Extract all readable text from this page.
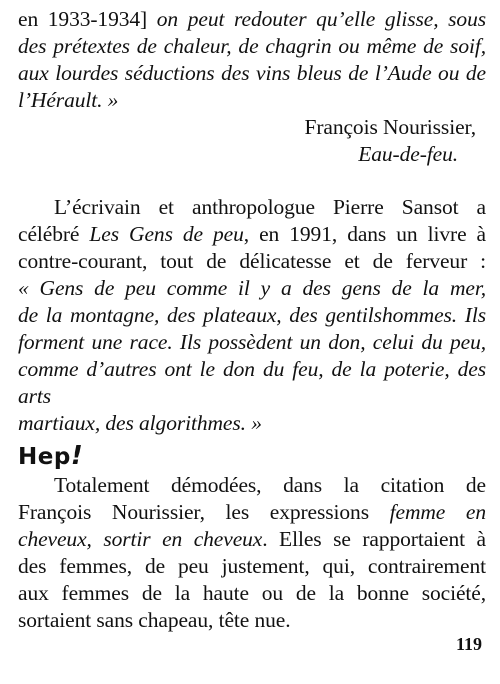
en 1933-1934] on peut redouter qu’elle glisse, sous
des prétextes de chaleur, de chagrin ou même de soif,
aux lourdes séductions des vins bleus de l’Aude ou de
l’Hérault. »
François Nourissier,
Eau-de-feu.
L’écrivain et anthropologue Pierre Sansot a
célébré Les Gens de peu, en 1991, dans un livre à
contre-courant, tout de délicatesse et de ferveur :
« Gens de peu comme il y a des gens de la mer,
de la montagne, des plateaux, des gentilshommes. Ils
forment une race. Ils possèdent un don, celui du peu,
comme d’autres ont le don du feu, de la poterie, des arts
martiaux, des algorithmes. »
Hep!
Totalement démodées, dans la citation de
François Nourissier, les expressions femme en
cheveux, sortir en cheveux. Elles se rapportaient à
des femmes, de peu justement, qui, contrairement
aux femmes de la haute ou de la bonne société,
sortaient sans chapeau, tête nue.
119
